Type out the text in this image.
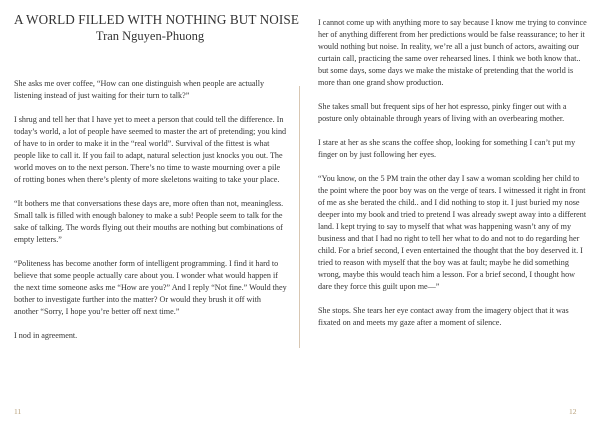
A WORLD FILLED WITH NOTHING BUT NOISE
Tran Nguyen-Phuong

She asks me over coffee, “How can one distinguish when people are actually listening instead of just waiting for their turn to talk?”

I shrug and tell her that I have yet to meet a person that could tell the difference. In today’s world, a lot of people have seemed to master the art of pretending; you kind of have to in order to make it in the “real world”. Survival of the fittest is what people like to call it. If you fail to adapt, natural selection just knocks you out. The world moves on to the next person. There’s no time to waste mourning over a pile of rotting bones when there’s plenty of more skeletons waiting to take your place.

“It bothers me that conversations these days are, more often than not, meaningless. Small talk is filled with enough baloney to make a sub! People seem to talk for the sake of talking. The words flying out their mouths are nothing but combinations of empty letters.”

“Politeness has become another form of intelligent programming. I find it hard to believe that some people actually care about you. I wonder what would happen if the next time someone asks me “How are you?” And I reply “Not fine.” Would they bother to investigate further into the matter? Or would they brush it off with another “Sorry, I hope you’re better off next time.”

I nod in agreement.

11

I cannot come up with anything more to say because I know me trying to convince her of anything different from her predictions would be false reassurance; to her it would nothing but noise. In reality, we’re all a just bunch of actors, awaiting our curtain call, practicing the same over rehearsed lines. I think we both know that.. but some days, some days we make the mistake of pretending that the world is more than one grand show production.

She takes small but frequent sips of her hot espresso, pinky finger out with a posture only obtainable through years of living with an overbearing mother.

I stare at her as she scans the coffee shop, looking for something I can’t put my finger on by just following her eyes.

“You know, on the 5 PM train the other day I saw a woman scolding her child to the point where the poor boy was on the verge of tears. I witnessed it right in front of me as she berated the child.. and I did nothing to stop it. I just buried my nose deeper into my book and tried to pretend I was already swept away into a different land. I kept trying to say to myself that what was happening wasn’t any of my business and that I had no right to tell her what to do and not to do regarding her child. For a brief second, I even entertained the thought that the boy deserved it. I tried to reason with myself that the boy was at fault; maybe he did something wrong, maybe this would teach him a lesson. For a brief second, I thought how dare they force this guilt upon me—”

She stops. She tears her eye contact away from the imagery object that it was fixated on and meets my gaze after a moment of silence.

12
